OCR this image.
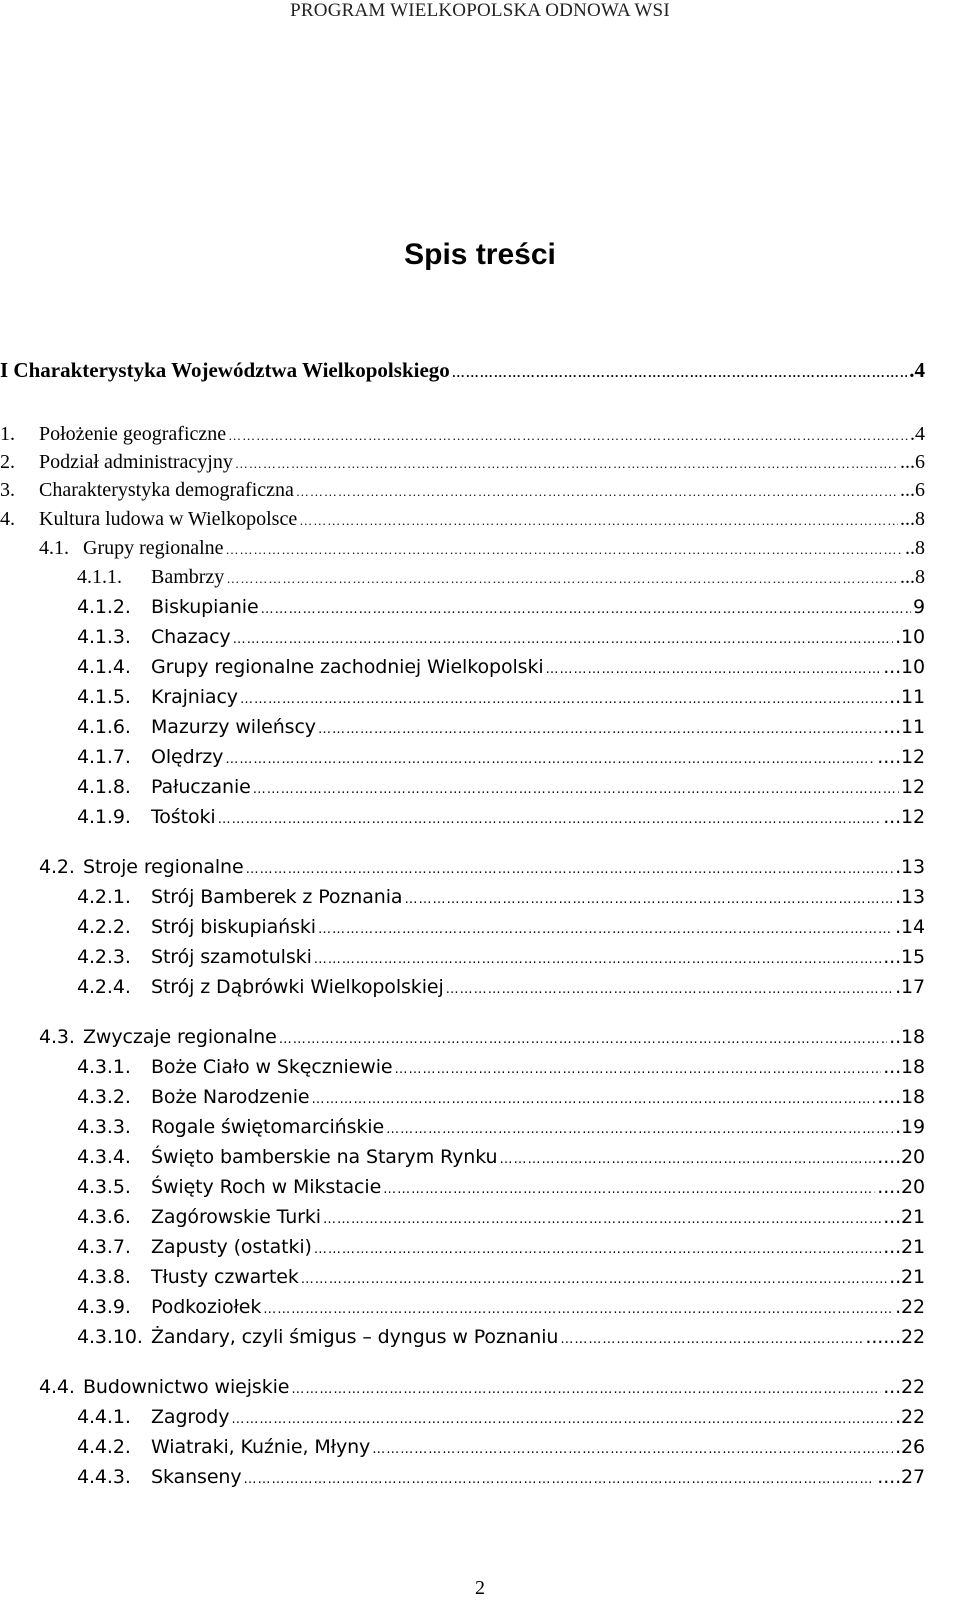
PROGRAM WIELKOPOLSKA ODNOWA WSI
Spis treści
I Charakterystyka Województwa Wielkopolskiego …………………………………………………………………………………………………………………………………………………………………………………………………………	.4
1.	Położenie geograficzne …………………………………………………………………………………………………………………………………………………………………………………………………………	.4
2.	Podział administracyjny …………………………………………………………………………………………………………………………………………………………………………………………………………	...6
3.	Charakterystyka demograficzna …………………………………………………………………………………………………………………………………………………………………………………………………………	...6
4.	Kultura ludowa w Wielkopolsce …………………………………………………………………………………………………………………………………………………………………………………………………………	...8
4.1. Grupy regionalne …………………………………………………………………………………………………………………………………………………………………………………………………………	..8
4.1.1.	Bambrzy …………………………………………………………………………………………………………………………………………………………………………………………………………	...8
4.1.2.	Biskupianie …………………………………………………………………………………………………………………………………………………………………………………………………………	9
4.1.3.	Chazacy …………………………………………………………………………………………………………………………………………………………………………………………………………	.10
4.1.4.	Grupy regionalne zachodniej Wielkopolski …………………………………………………………………………………………………………………………………………………………………………………………………………	...10
4.1.5.	Krajniacy …………………………………………………………………………………………………………………………………………………………………………………………………………	..11
4.1.6.	Mazurzy wileńscy …………………………………………………………………………………………………………………………………………………………………………………………………………	...11
4.1.7.	Olędrzy …………………………………………………………………………………………………………………………………………………………………………………………………………	....12
4.1.8.	Pałuczanie …………………………………………………………………………………………………………………………………………………………………………………………………………	12
4.1.9.	Tośtoki …………………………………………………………………………………………………………………………………………………………………………………………………………	...12
4.2. Stroje regionalne …………………………………………………………………………………………………………………………………………………………………………………………………………	.13
4.2.1.	Strój Bamberek z Poznania …………………………………………………………………………………………………………………………………………………………………………………………………………	.13
4.2.2.	Strój biskupiański …………………………………………………………………………………………………………………………………………………………………………………………………………	.14
4.2.3.	Strój szamotulski …………………………………………………………………………………………………………………………………………………………………………………………………………	...15
4.2.4.	Strój z Dąbrówki Wielkopolskiej …………………………………………………………………………………………………………………………………………………………………………………………………………	.17
4.3. Zwyczaje regionalne …………………………………………………………………………………………………………………………………………………………………………………………………………	..18
4.3.1.	Boże Ciało w Skęczniewie …………………………………………………………………………………………………………………………………………………………………………………………………………	...18
4.3.2.	Boże Narodzenie …………………………………………………………………………………………………………………………………………………………………………………………………………	....18
4.3.3.	Rogale świętomarcińskie …………………………………………………………………………………………………………………………………………………………………………………………………………	.19
4.3.4.	Święto bamberskie na Starym Rynku …………………………………………………………………………………………………………………………………………………………………………………………………………	....20
4.3.5.	Święty Roch w Mikstacie …………………………………………………………………………………………………………………………………………………………………………………………………………	....20
4.3.6.	Zagórowskie Turki …………………………………………………………………………………………………………………………………………………………………………………………………………	...21
4.3.7.	Zapusty (ostatki) …………………………………………………………………………………………………………………………………………………………………………………………………………	...21
4.3.8.	Tłusty czwartek …………………………………………………………………………………………………………………………………………………………………………………………………………	..21
4.3.9.	Podkoziołek …………………………………………………………………………………………………………………………………………………………………………………………………………	.22
4.3.10. Żandary, czyli śmigus – dyngus w Poznaniu …………………………………………………………………………………………………………………………………………………………………………………………………………	......22
4.4. Budownictwo wiejskie …………………………………………………………………………………………………………………………………………………………………………………………………………	...22
4.4.1.	Zagrody …………………………………………………………………………………………………………………………………………………………………………………………………………	.22
4.4.2.	Wiatraki, Kuźnie, Młyny …………………………………………………………………………………………………………………………………………………………………………………………………………	.26
4.4.3.	Skanseny …………………………………………………………………………………………………………………………………………………………………………………………………………	....27
2
